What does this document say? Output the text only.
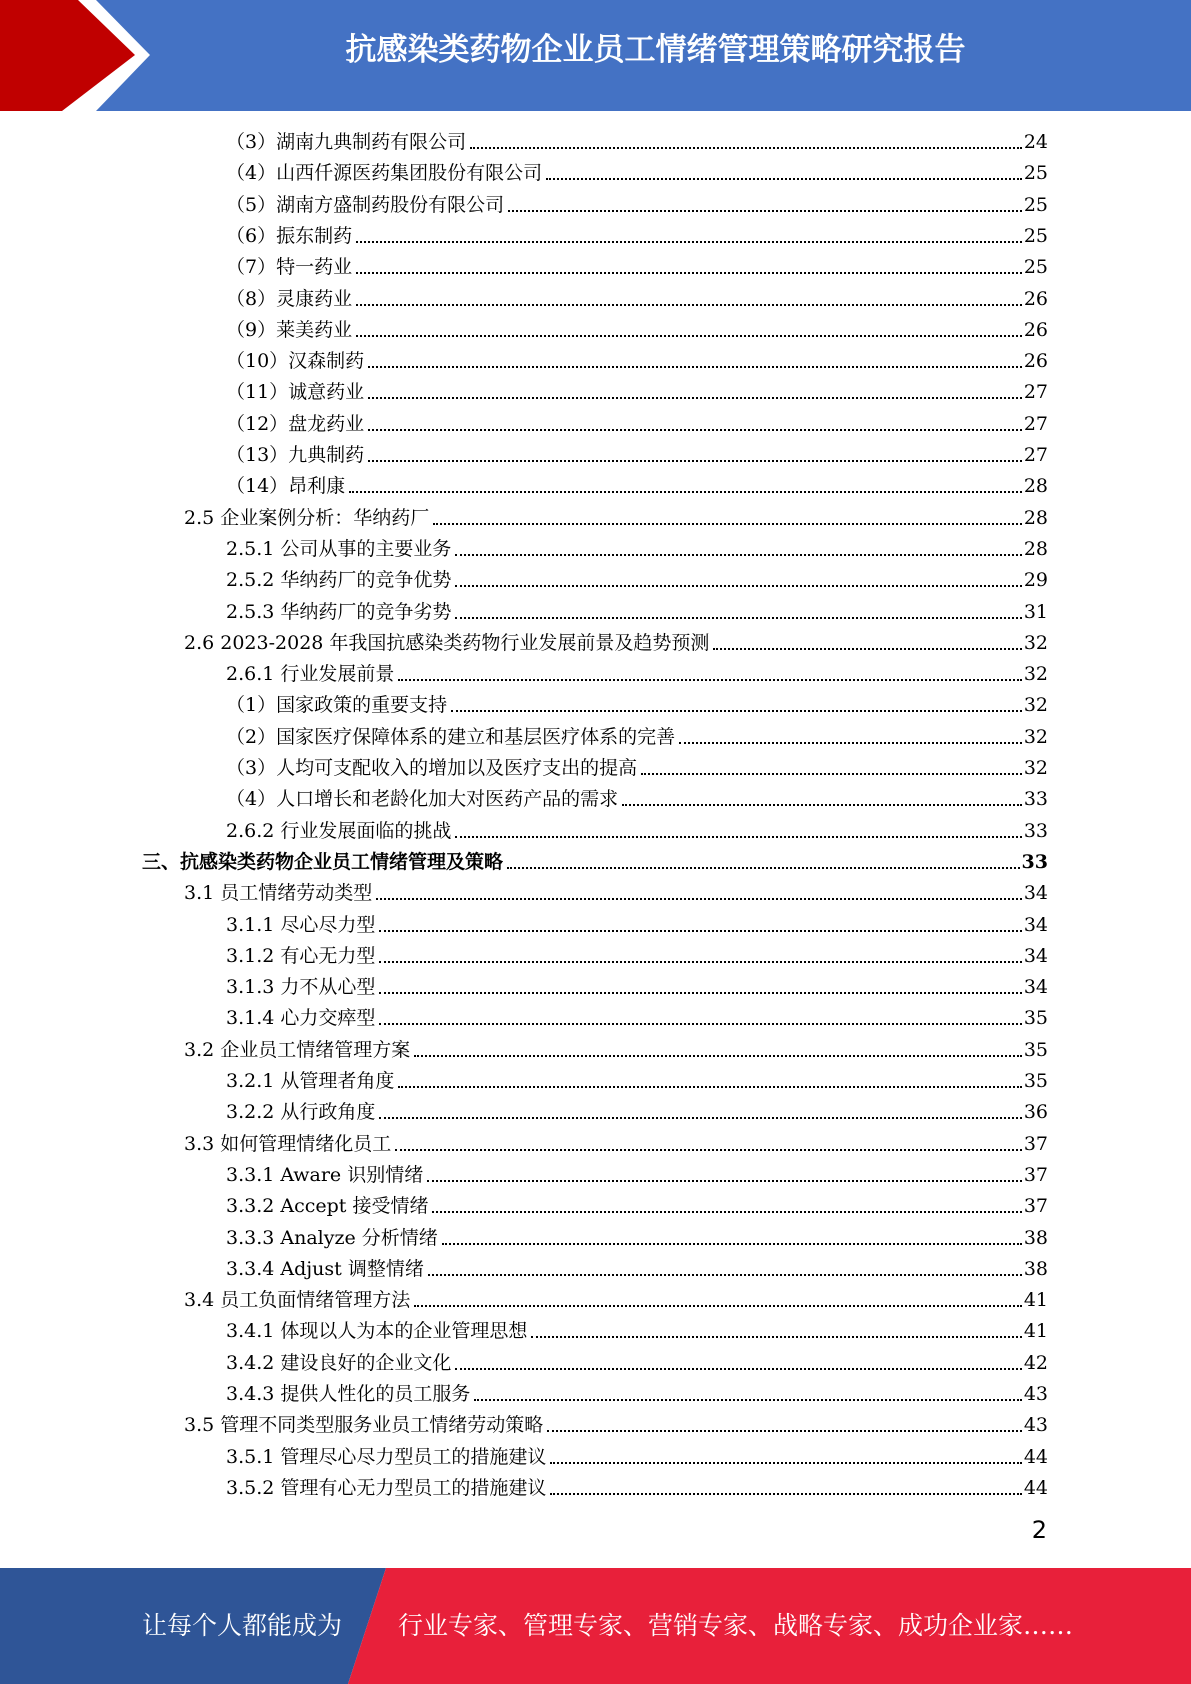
抗感染类药物企业员工情绪管理策略研究报告
（3）湖南九典制药有限公司	24
（4）山西仟源医药集团股份有限公司	25
（5）湖南方盛制药股份有限公司	25
（6）振东制药	25
（7）特一药业	25
（8）灵康药业	26
（9）莱美药业	26
（10）汉森制药	26
（11）诚意药业	27
（12）盘龙药业	27
（13）九典制药	27
（14）昂利康	28
2.5 企业案例分析：华纳药厂	28
2.5.1 公司从事的主要业务	28
2.5.2 华纳药厂的竞争优势	29
2.5.3 华纳药厂的竞争劣势	31
2.6 2023-2028 年我国抗感染类药物行业发展前景及趋势预测	32
2.6.1 行业发展前景	32
（1）国家政策的重要支持	32
（2）国家医疗保障体系的建立和基层医疗体系的完善	32
（3）人均可支配收入的增加以及医疗支出的提高	32
（4）人口增长和老龄化加大对医药产品的需求	33
2.6.2 行业发展面临的挑战	33
三、抗感染类药物企业员工情绪管理及策略	33
3.1 员工情绪劳动类型	34
3.1.1 尽心尽力型	34
3.1.2 有心无力型	34
3.1.3 力不从心型	34
3.1.4 心力交瘁型	35
3.2 企业员工情绪管理方案	35
3.2.1 从管理者角度	35
3.2.2 从行政角度	36
3.3 如何管理情绪化员工	37
3.3.1 Aware 识别情绪	37
3.3.2 Accept 接受情绪	37
3.3.3 Analyze 分析情绪	38
3.3.4 Adjust 调整情绪	38
3.4 员工负面情绪管理方法	41
3.4.1 体现以人为本的企业管理思想	41
3.4.2 建设良好的企业文化	42
3.4.3 提供人性化的员工服务	43
3.5 管理不同类型服务业员工情绪劳动策略	43
3.5.1 管理尽心尽力型员工的措施建议	44
3.5.2 管理有心无力型员工的措施建议	44
2
让每个人都能成为 行业专家、管理专家、营销专家、战略专家、成功企业家……
